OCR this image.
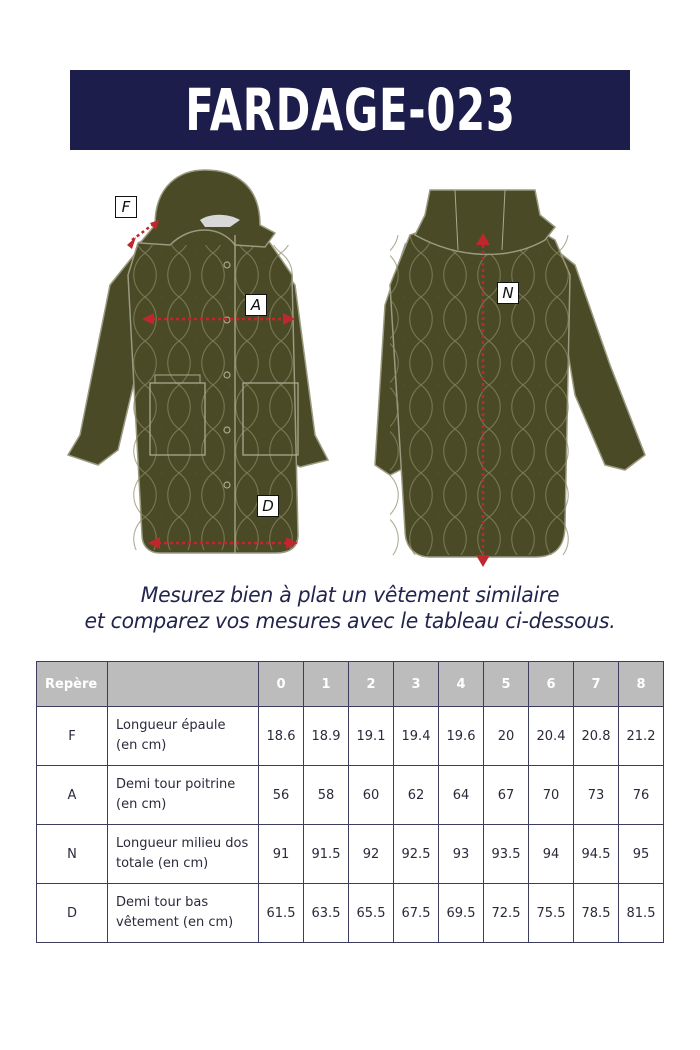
FARDAGE-023
F
A
D
N
Mesurez bien à plat un vêtement similaire
et comparez vos mesures avec le tableau ci-dessous.
Repère		0	1	2	3	4	5	6	7	8
F	Longueur épaule (en cm)	18.6	18.9	19.1	19.4	19.6	20	20.4	20.8	21.2
A	Demi tour poitrine (en cm)	56	58	60	62	64	67	70	73	76
N	Longueur milieu dos totale (en cm)	91	91.5	92	92.5	93	93.5	94	94.5	95
D	Demi tour bas vêtement (en cm)	61.5	63.5	65.5	67.5	69.5	72.5	75.5	78.5	81.5
